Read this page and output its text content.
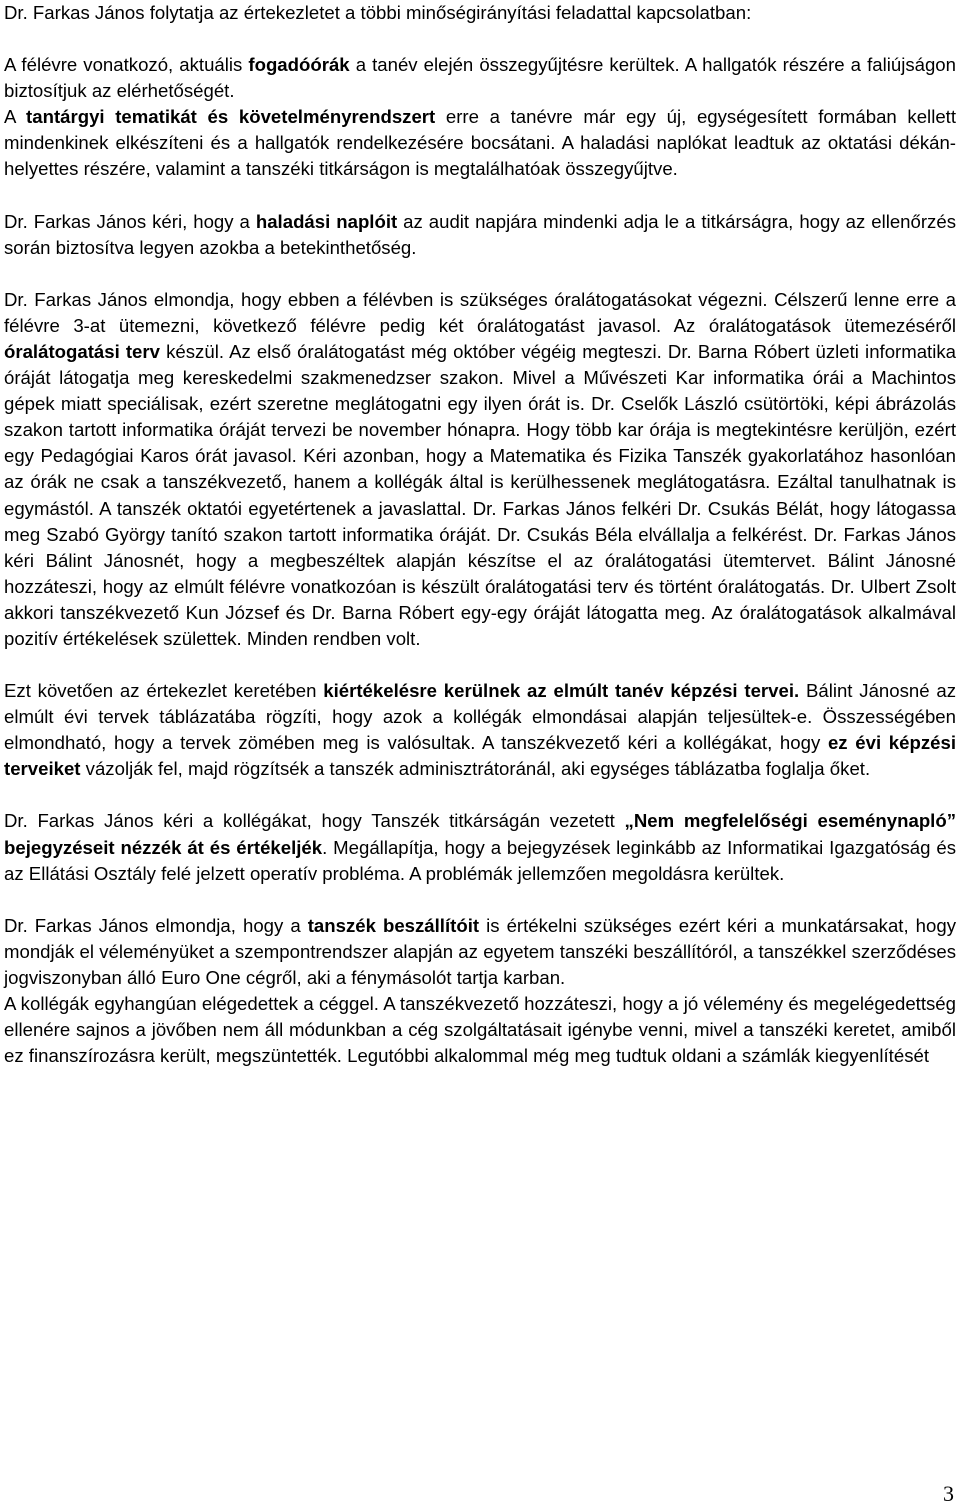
Dr. Farkas János folytatja az értekezletet a többi minőségirányítási feladattal kapcsolatban:

A félévre vonatkozó, aktuális fogadóórák a tanév elején összegyűjtésre kerültek. A hallgatók részére a faliújságon biztosítjuk az elérhetőségét.

A tantárgyi tematikát és követelményrendszert erre a tanévre már egy új, egységesített formában kellett mindenkinek elkészíteni és a hallgatók rendelkezésére bocsátani. A haladási naplókat leadtuk az oktatási dékán-helyettes részére, valamint a tanszéki titkárságon is megtalálhatóak összegyűjtve.

Dr. Farkas János kéri, hogy a haladási naplóit az audit napjára mindenki adja le a titkárságra, hogy az ellenőrzés során biztosítva legyen azokba a betekinthetőség.

Dr. Farkas János elmondja, hogy ebben a félévben is szükséges óralátogatásokat végezni. Célszerű lenne erre a félévre 3-at ütemezni, következő félévre pedig két óralátogatást javasol. Az óralátogatások ütemezéséről óralátogatási terv készül. Az első óralátogatást még október végéig megteszi. Dr. Barna Róbert üzleti informatika óráját látogatja meg kereskedelmi szakmenedzser szakon. Mivel a Művészeti Kar informatika órái a Machintos gépek miatt speciálisak, ezért szeretne meglátogatni egy ilyen órát is. Dr. Cselők László csütörtöki, képi ábrázolás szakon tartott informatika óráját tervezi be november hónapra. Hogy több kar órája is megtekintésre kerüljön, ezért egy Pedagógiai Karos órát javasol. Kéri azonban, hogy a Matematika és Fizika Tanszék gyakorlatához hasonlóan az órák ne csak a tanszékvezető, hanem a kollégák által is kerülhessenek meglátogatásra. Ezáltal tanulhatnak is egymástól. A tanszék oktatói egyetértenek a javaslattal. Dr. Farkas János felkéri Dr. Csukás Bélát, hogy látogassa meg Szabó György tanító szakon tartott informatika óráját. Dr. Csukás Béla elvállalja a felkérést. Dr. Farkas János kéri Bálint Jánosnét, hogy a megbeszéltek alapján készítse el az óralátogatási ütemtervet. Bálint Jánosné hozzáteszi, hogy az elmúlt félévre vonatkozóan is készült óralátogatási terv és történt óralátogatás. Dr. Ulbert Zsolt akkori tanszékvezető Kun József és Dr. Barna Róbert egy-egy óráját látogatta meg. Az óralátogatások alkalmával pozitív értékelések születtek. Minden rendben volt.

Ezt követően az értekezlet keretében kiértékelésre kerülnek az elmúlt tanév képzési tervei. Bálint Jánosné az elmúlt évi tervek táblázatába rögzíti, hogy azok a kollégák elmondásai alapján teljesültek-e. Összességében elmondható, hogy a tervek zömében meg is valósultak. A tanszékvezető kéri a kollégákat, hogy ez évi képzési terveiket vázolják fel, majd rögzítsék a tanszék adminisztrátoránál, aki egységes táblázatba foglalja őket.

Dr. Farkas János kéri a kollégákat, hogy Tanszék titkárságán vezetett „Nem megfelelőségi eseménynapló” bejegyzéseit nézzék át és értékeljék. Megállapítja, hogy a bejegyzések leginkább az Informatikai Igazgatóság és az Ellátási Osztály felé jelzett operatív probléma. A problémák jellemzően megoldásra kerültek.

Dr. Farkas János elmondja, hogy a tanszék beszállítóit is értékelni szükséges ezért kéri a munkatársakat, hogy mondják el véleményüket a szempontrendszer alapján az egyetem tanszéki beszállítóról, a tanszékkel szerződéses jogviszonyban álló Euro One cégről, aki a fénymásolót tartja karban.

A kollégák egyhangúan elégedettek a céggel. A tanszékvezető hozzáteszi, hogy a jó vélemény és megelégedettség ellenére sajnos a jövőben nem áll módunkban a cég szolgáltatásait igénybe venni, mivel a tanszéki keretet, amiből ez finanszírozásra került, megszüntették. Legutóbbi alkalommal még meg tudtuk oldani a számlák kiegyenlítését

3
